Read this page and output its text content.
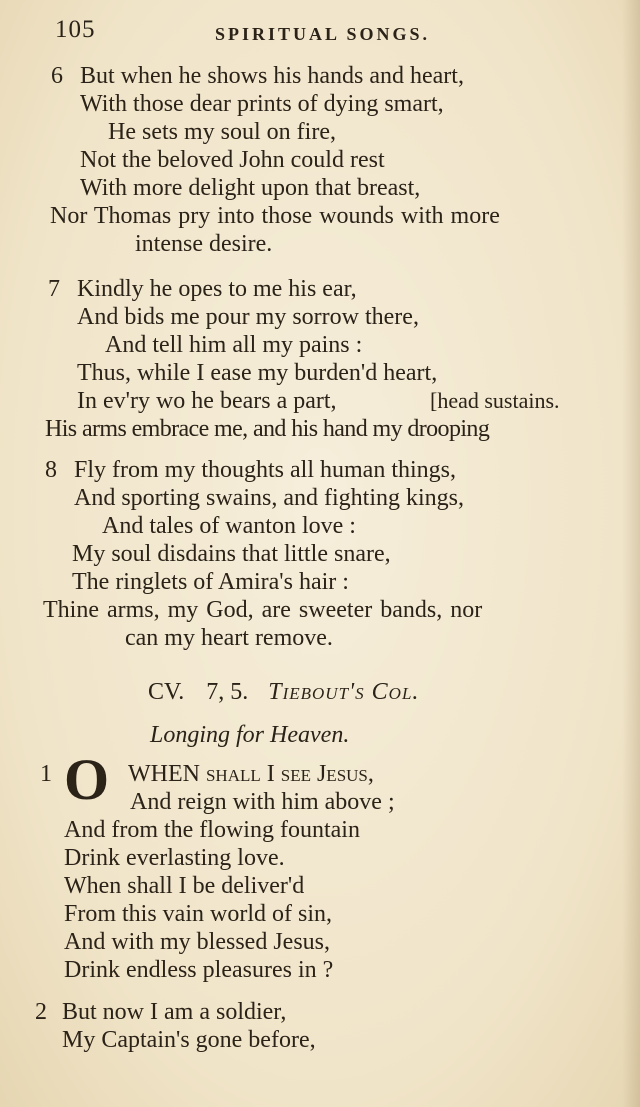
105	SPIRITUAL SONGS.
6 But when he shows his hands and heart,
With those dear prints of dying smart,
He sets my soul on fire,
Not the beloved John could rest
With more delight upon that breast,
Nor Thomas pry into those wounds with more
intense desire.
7 Kindly he opes to me his ear,
And bids me pour my sorrow there,
And tell him all my pains :
Thus, while I ease my burden'd heart,
In ev'ry wo he bears a part,	[head sustains.
His arms embrace me, and his hand my drooping
8 Fly from my thoughts all human things,
And sporting swains, and fighting kings,
And tales of wanton love :
My soul disdains that little snare,
The ringlets of Amira's hair :
Thine arms, my God, are sweeter bands, nor
can my heart remove.
CV. 7, 5. Tiebout's Col.
Longing for Heaven.
1 O WHEN shall I see Jesus,
And reign with him above ;
And from the flowing fountain
Drink everlasting love.
When shall I be deliver'd
From this vain world of sin,
And with my blessed Jesus,
Drink endless pleasures in ?
2 But now I am a soldier,
My Captain's gone before,
